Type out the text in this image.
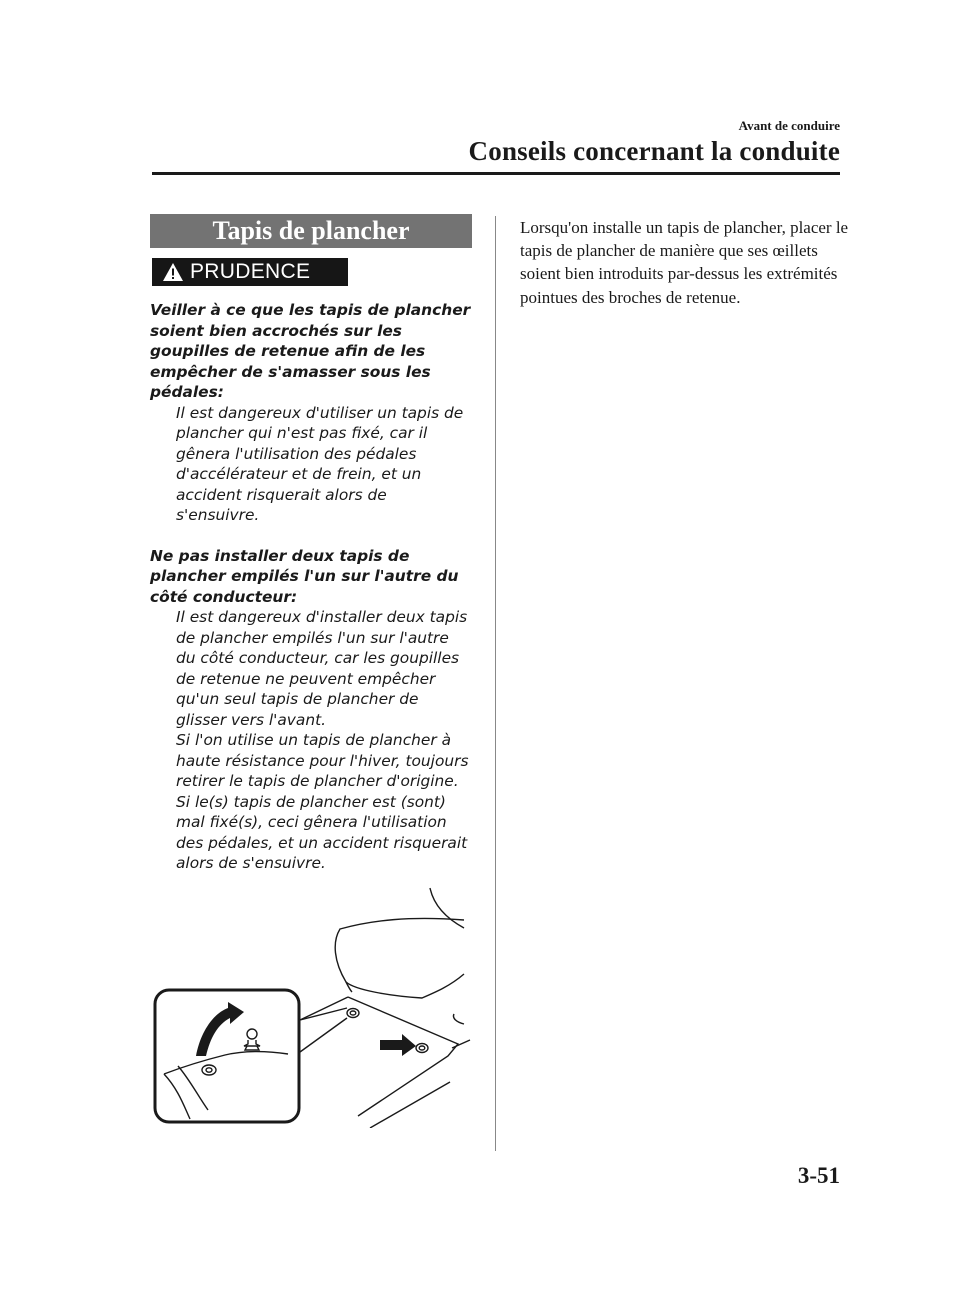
Avant de conduire
Conseils concernant la conduite
Tapis de plancher
PRUDENCE

Veiller à ce que les tapis de plancher soient bien accrochés sur les goupilles de retenue afin de les empêcher de s'amasser sous les pédales:

Il est dangereux d'utiliser un tapis de plancher qui n'est pas fixé, car il gênera l'utilisation des pédales d'accélérateur et de frein, et un accident risquerait alors de s'ensuivre.

Ne pas installer deux tapis de plancher empilés l'un sur l'autre du côté conducteur:

Il est dangereux d'installer deux tapis de plancher empilés l'un sur l'autre du côté conducteur, car les goupilles de retenue ne peuvent empêcher qu'un seul tapis de plancher de glisser vers l'avant.

Si l'on utilise un tapis de plancher à haute résistance pour l'hiver, toujours retirer le tapis de plancher d'origine.

Si le(s) tapis de plancher est (sont) mal fixé(s), ceci gênera l'utilisation des pédales, et un accident risquerait alors de s'ensuivre.

Lorsqu'on installe un tapis de plancher, placer le tapis de plancher de manière que ses œillets soient bien introduits par-dessus les extrémités pointues des broches de retenue.

3-51
